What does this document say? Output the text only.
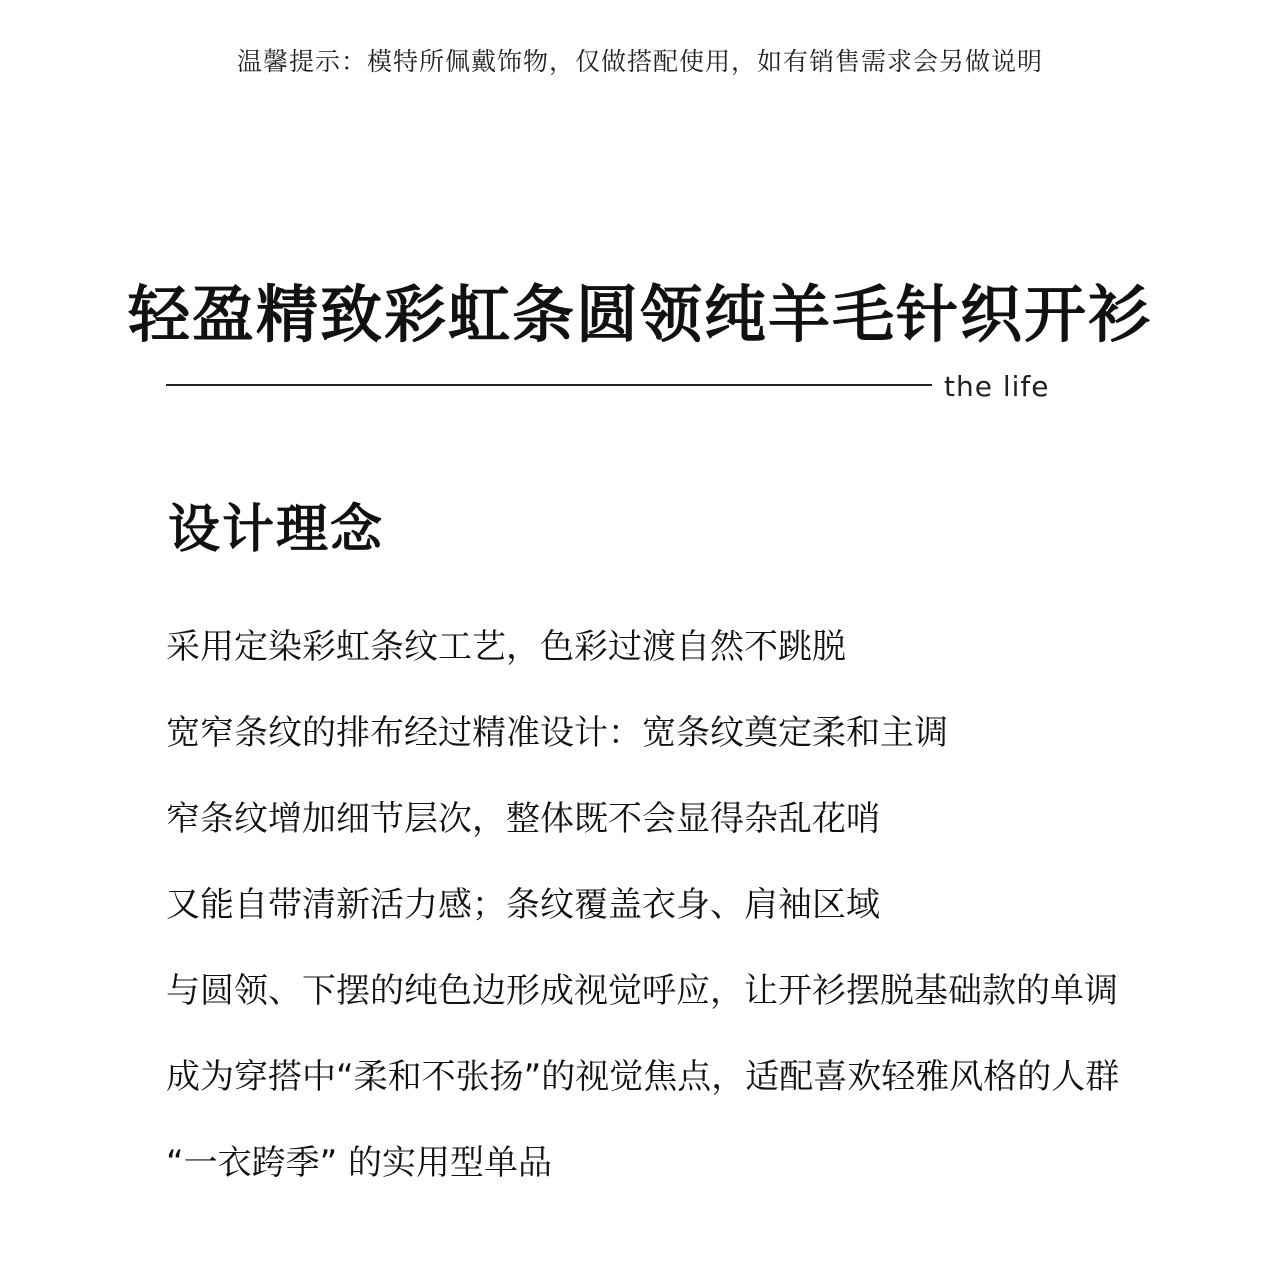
温馨提示：模特所佩戴饰物，仅做搭配使用，如有销售需求会另做说明
轻盈精致彩虹条圆领纯羊毛针织开衫
the life
设计理念
采用定染彩虹条纹工艺，色彩过渡自然不跳脱
宽窄条纹的排布经过精准设计：宽条纹奠定柔和主调
窄条纹增加细节层次，整体既不会显得杂乱花哨
又能自带清新活力感；条纹覆盖衣身、肩袖区域
与圆领、下摆的纯色边形成视觉呼应，让开衫摆脱基础款的单调
成为穿搭中“柔和不张扬”的视觉焦点，适配喜欢轻雅风格的人群
“一衣跨季” 的实用型单品
